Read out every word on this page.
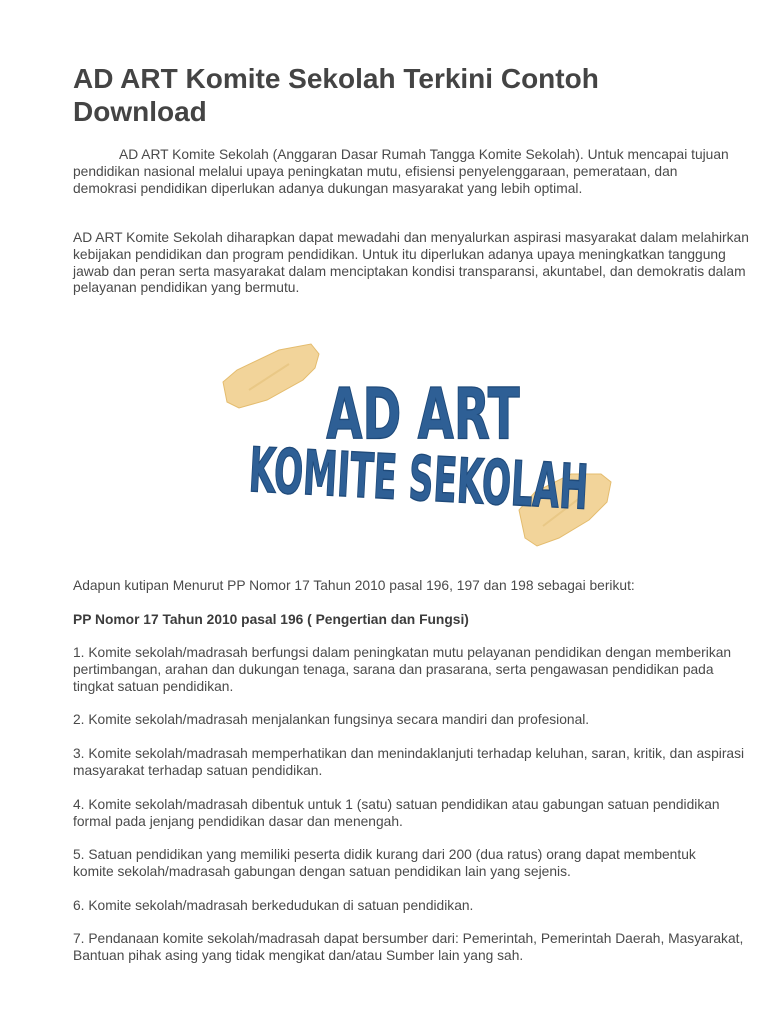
AD ART Komite Sekolah Terkini Contoh Download

AD ART Komite Sekolah (Anggaran Dasar Rumah Tangga Komite Sekolah). Untuk mencapai tujuan pendidikan nasional melalui upaya peningkatan mutu, efisiensi penyelenggaraan, pemerataan, dan demokrasi pendidikan diperlukan adanya dukungan masyarakat yang lebih optimal.

AD ART Komite Sekolah diharapkan dapat mewadahi dan menyalurkan aspirasi masyarakat dalam melahirkan kebijakan pendidikan dan program pendidikan. Untuk itu diperlukan adanya upaya meningkatkan tanggung jawab dan peran serta masyarakat dalam menciptakan kondisi transparansi, akuntabel, dan demokratis dalam pelayanan pendidikan yang bermutu.

AD ART
KOMITE SEKOLAH

Adapun kutipan Menurut PP Nomor 17 Tahun 2010 pasal 196, 197 dan 198 sebagai berikut:

PP Nomor 17 Tahun 2010 pasal 196 ( Pengertian dan Fungsi)

1. Komite sekolah/madrasah berfungsi dalam peningkatan mutu pelayanan pendidikan dengan memberikan pertimbangan, arahan dan dukungan tenaga, sarana dan prasarana, serta pengawasan pendidikan pada tingkat satuan pendidikan.

2. Komite sekolah/madrasah menjalankan fungsinya secara mandiri dan profesional.

3. Komite sekolah/madrasah memperhatikan dan menindaklanjuti terhadap keluhan, saran, kritik, dan aspirasi masyarakat terhadap satuan pendidikan.

4. Komite sekolah/madrasah dibentuk untuk 1 (satu) satuan pendidikan atau gabungan satuan pendidikan formal pada jenjang pendidikan dasar dan menengah.

5. Satuan pendidikan yang memiliki peserta didik kurang dari 200 (dua ratus) orang dapat membentuk komite sekolah/madrasah gabungan dengan satuan pendidikan lain yang sejenis.

6. Komite sekolah/madrasah berkedudukan di satuan pendidikan.

7. Pendanaan komite sekolah/madrasah dapat bersumber dari: Pemerintah, Pemerintah Daerah, Masyarakat, Bantuan pihak asing yang tidak mengikat dan/atau Sumber lain yang sah.
